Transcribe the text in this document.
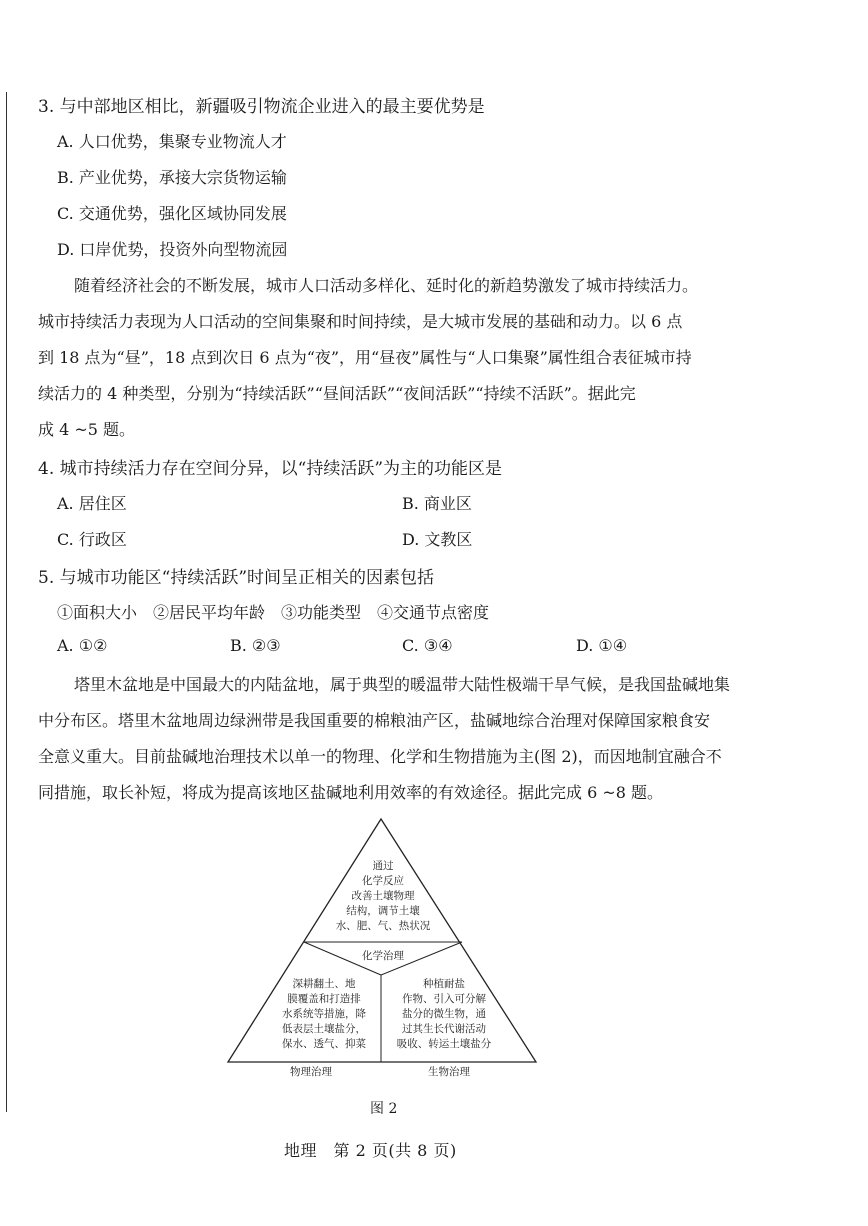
3. 与中部地区相比，新疆吸引物流企业进入的最主要优势是
A. 人口优势，集聚专业物流人才
B. 产业优势，承接大宗货物运输
C. 交通优势，强化区域协同发展
D. 口岸优势，投资外向型物流园
随着经济社会的不断发展，城市人口活动多样化、延时化的新趋势激发了城市持续活力。
城市持续活力表现为人口活动的空间集聚和时间持续，是大城市发展的基础和动力。以 6 点
到 18 点为“昼”，18 点到次日 6 点为“夜”，用“昼夜”属性与“人口集聚”属性组合表征城市持
续活力的 4 种类型，分别为“持续活跃”“昼间活跃”“夜间活跃”“持续不活跃”。据此完
成 4 ~5 题。
4. 城市持续活力存在空间分异，以“持续活跃”为主的功能区是
A. 居住区	B. 商业区
C. 行政区	D. 文教区
5. 与城市功能区“持续活跃”时间呈正相关的因素包括
①面积大小　②居民平均年龄　③功能类型　④交通节点密度
A. ①②	B. ②③	C. ③④	D. ①④
塔里木盆地是中国最大的内陆盆地，属于典型的暖温带大陆性极端干旱气候，是我国盐碱地集
中分布区。塔里木盆地周边绿洲带是我国重要的棉粮油产区，盐碱地综合治理对保障国家粮食安
全意义重大。目前盐碱地治理技术以单一的物理、化学和生物措施为主(图 2)，而因地制宜融合不
同措施，取长补短，将成为提高该地区盐碱地利用效率的有效途径。据此完成 6 ~8 题。
通过
化学反应
改善土壤物理
结构，调节土壤
水、肥、气、热状况
化学治理
深耕翻土、地
膜覆盖和打造排
水系统等措施，降
低表层土壤盐分，
保水、透气、抑菜
种植耐盐
作物、引入可分解
盐分的微生物，通
过其生长代谢活动
吸收、转运土壤盐分
物理治理	生物治理
图 2
地理　第 2 页(共 8 页)
